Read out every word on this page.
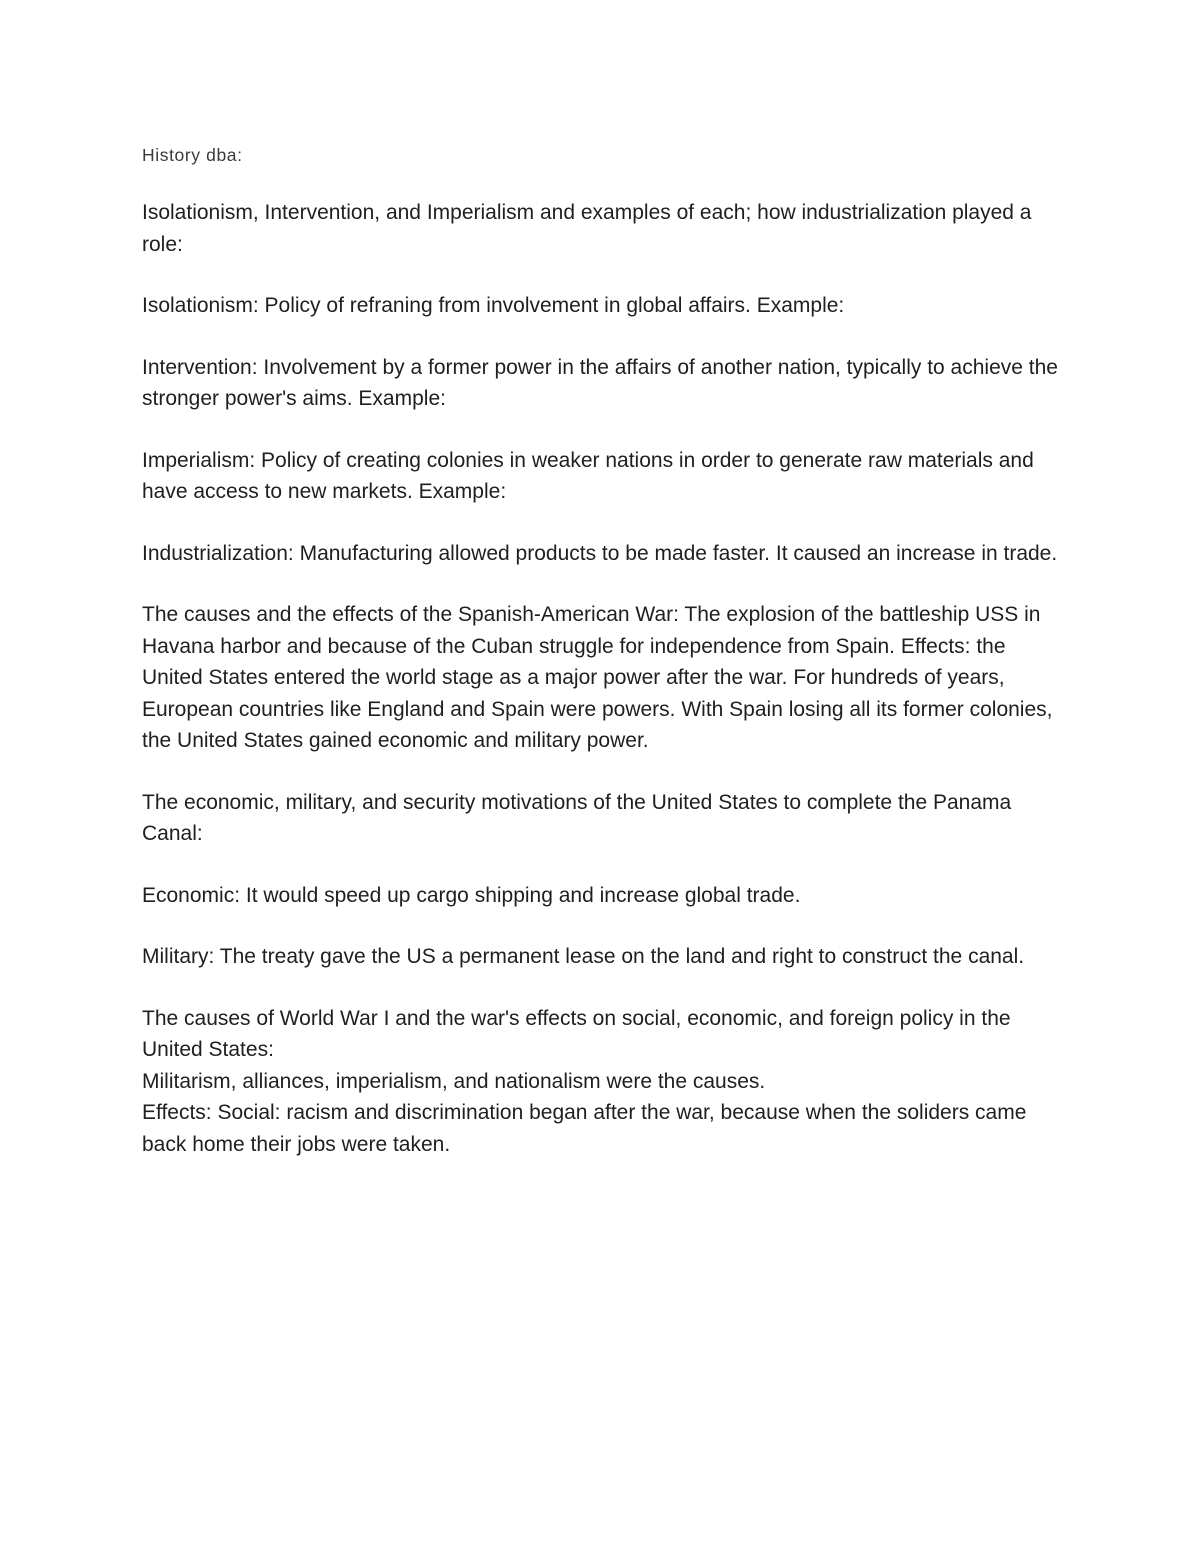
History dba:

Isolationism, Intervention, and Imperialism and examples of each; how industrialization played a role:

Isolationism: Policy of refraning from involvement in global affairs. Example:

Intervention: Involvement by a former power in the affairs of another nation, typically to achieve the stronger power's aims. Example:

Imperialism: Policy of creating colonies in weaker nations in order to generate raw materials and have access to new markets. Example:

Industrialization: Manufacturing allowed products to be made faster. It caused an increase in trade.

The causes and the effects of the Spanish-American War: The explosion of the battleship USS in Havana harbor and because of the Cuban struggle for independence from Spain. Effects: the United States entered the world stage as a major power after the war. For hundreds of years, European countries like England and Spain were powers. With Spain losing all its former colonies, the United States gained economic and military power.

The economic, military, and security motivations of the United States to complete the Panama Canal:

Economic: It would speed up cargo shipping and increase global trade.

Military: The treaty gave the US a permanent lease on the land and right to construct the canal.

The causes of World War I and the war's effects on social, economic, and foreign policy in the United States:

Militarism, alliances, imperialism, and nationalism were the causes.

Effects: Social: racism and discrimination began after the war, because when the soliders came back home their jobs were taken.
